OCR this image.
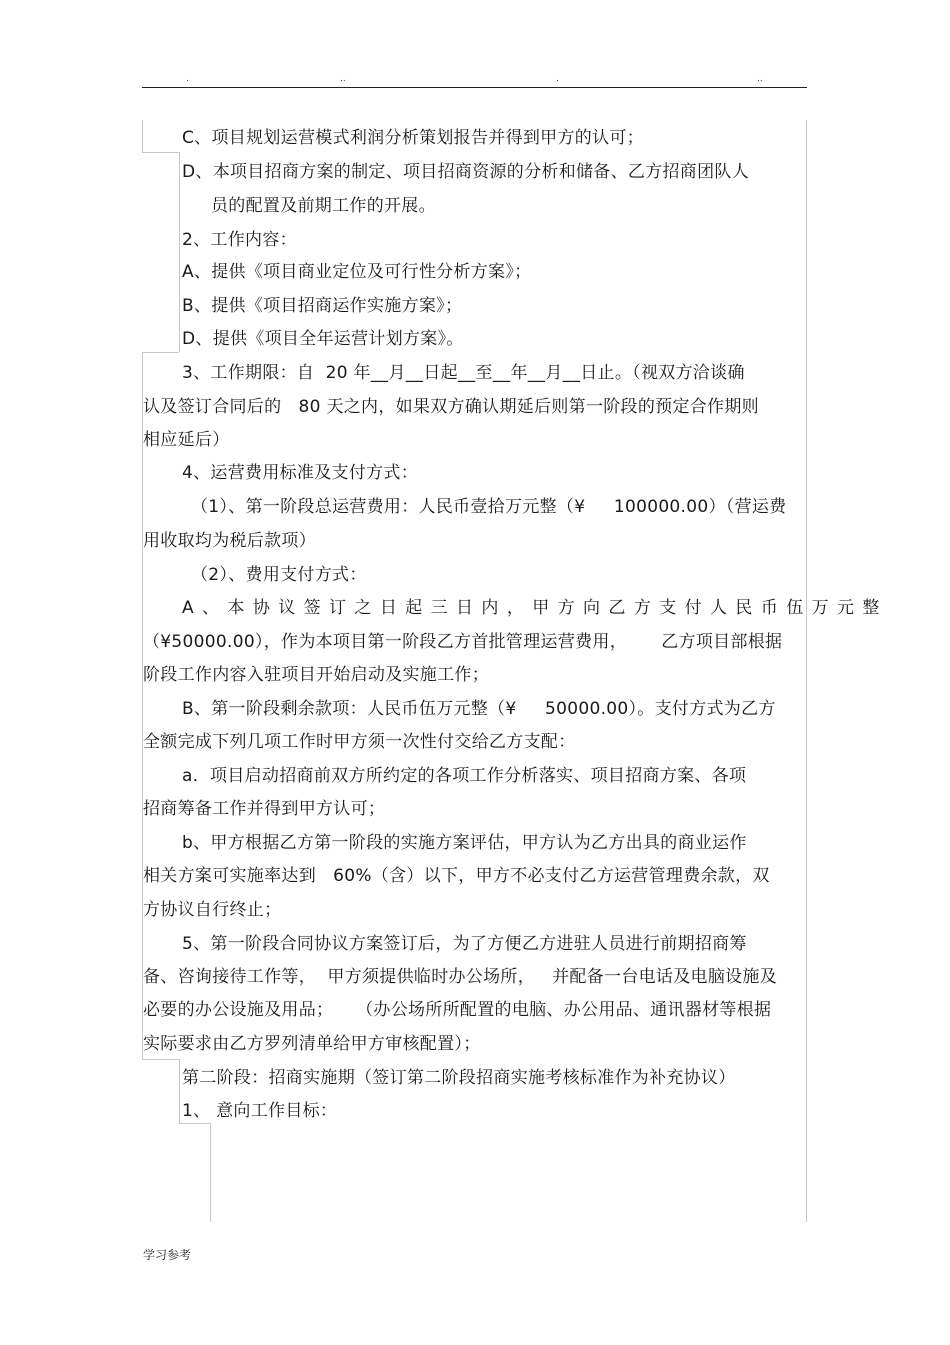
.	..	.	..

C、项目规划运营模式利润分析策划报告并得到甲方的认可；

D、本项目招商方案的制定、项目招商资源的分析和储备、乙方招商团队人

员的配置及前期工作的开展。

2、工作内容：

A、提供《项目商业定位及可行性分析方案》；

B、提供《项目招商运作实施方案》；

D、提供《项目全年运营计划方案》。

3、工作期限：自  20 年__月__日起__至__年__月__日止。（视双方洽谈确

认及签订合同后的   80 天之内，如果双方确认期延后则第一阶段的预定合作期则

相应延后）

4、运营费用标准及支付方式：

（1）、第一阶段总运营费用：人民币壹拾万元整（¥     100000.00）（营运费

用收取均为税后款项）

（2）、费用支付方式：

A、本协议签订之日起三日内，甲方向乙方支付人民币伍万元整

（¥50000.00），作为本项目第一阶段乙方首批管理运营费用，      乙方项目部根据

阶段工作内容入驻项目开始启动及实施工作；

B、第一阶段剩余款项：人民币伍万元整（¥     50000.00）。支付方式为乙方

全额完成下列几项工作时甲方须一次性付交给乙方支配：

a．项目启动招商前双方所约定的各项工作分析落实、项目招商方案、各项

招商筹备工作并得到甲方认可；

b、甲方根据乙方第一阶段的实施方案评估，甲方认为乙方出具的商业运作

相关方案可实施率达到   60%（含）以下，甲方不必支付乙方运营管理费余款，双

方协议自行终止；

5、第一阶段合同协议方案签订后，为了方便乙方进驻人员进行前期招商筹

备、咨询接待工作等，  甲方须提供临时办公场所，   并配备一台电话及电脑设施及

必要的办公设施及用品；    （办公场所所配置的电脑、办公用品、通讯器材等根据

实际要求由乙方罗列清单给甲方审核配置）；

第二阶段：招商实施期（签订第二阶段招商实施考核标准作为补充协议）

1、 意向工作目标：

学习参考
